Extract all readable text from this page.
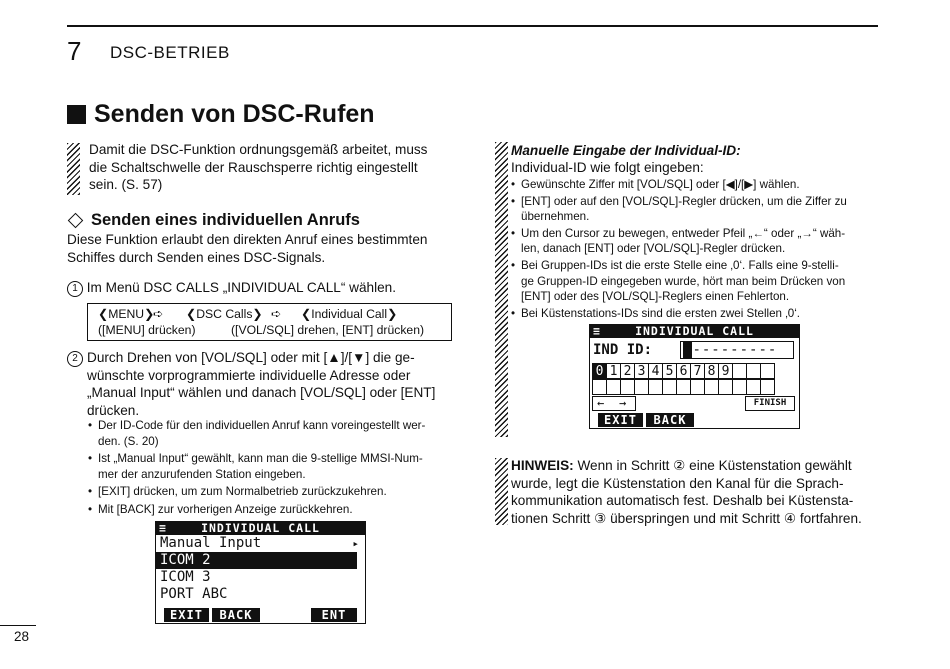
7 DSC-BETRIEB
Senden von DSC-Rufen
Damit die DSC-Funktion ordnungsgemäß arbeitet, muss
die Schaltschwelle der Rauschsperre richtig eingestellt
sein. (S. 57)
Senden eines individuellen Anrufs
Diese Funktion erlaubt den direkten Anruf eines bestimmten
Schiffes durch Senden eines DSC-Signals.
1 Im Menü DSC CALLS „INDIVIDUAL CALL“ wählen.
❮MENU❯
➪	❮DSC Calls❯ ➪	❮Individual Call❯
([MENU] drücken)	([VOL/SQL] drehen, [ENT] drücken)
2 Durch Drehen von [VOL/SQL] oder mit [▲]/[▼] die ge-
wünschte vorprogrammierte individuelle Adresse oder
„Manual Input“ wählen und danach [VOL/SQL] oder [ENT]
drücken.
• Der ID-Code für den individuellen Anruf kann voreingestellt wer-
den. (S. 20)
• Ist „Manual Input“ gewählt, kann man die 9-stellige MMSI-Num-
mer der anzurufenden Station eingeben.
• [EXIT] drücken, um zum Normalbetrieb zurückzukehren.
• Mit [BACK] zur vorherigen Anzeige zurückkehren.
≡	INDIVIDUAL CALL
Manual Input	▸
ICOM 2
ICOM 3
PORT ABC
EXIT	BACK	ENT
Manuelle Eingabe der Individual-ID:
Individual-ID wie folgt eingeben:
• Gewünschte Ziffer mit [VOL/SQL] oder [◀]/[▶] wählen.
• [ENT] oder auf den [VOL/SQL]-Regler drücken, um die Ziffer zu
übernehmen.
• Um den Cursor zu bewegen, entweder Pfeil „←“ oder „→“ wäh-
len, danach [ENT] oder [VOL/SQL]-Regler drücken.
• Bei Gruppen-IDs ist die erste Stelle eine ‚0‘. Falls eine 9-stelli-
ge Gruppen-ID eingegeben wurde, hört man beim Drücken von
[ENT] oder des [VOL/SQL]-Reglers einen Fehlerton.
• Bei Küstenstations-IDs sind die ersten zwei Stellen ‚0‘.
≡	INDIVIDUAL CALL
IND ID: ■---------
0 1 2 3 4 5 6 7 8 9
← →	FINISH
EXIT	BACK
HINWEIS: Wenn in Schritt ② eine Küstenstation gewählt
wurde, legt die Küstenstation den Kanal für die Sprach-
kommunikation automatisch fest. Deshalb bei Küstensta-
tionen Schritt ③ überspringen und mit Schritt ④ fortfahren.
28
